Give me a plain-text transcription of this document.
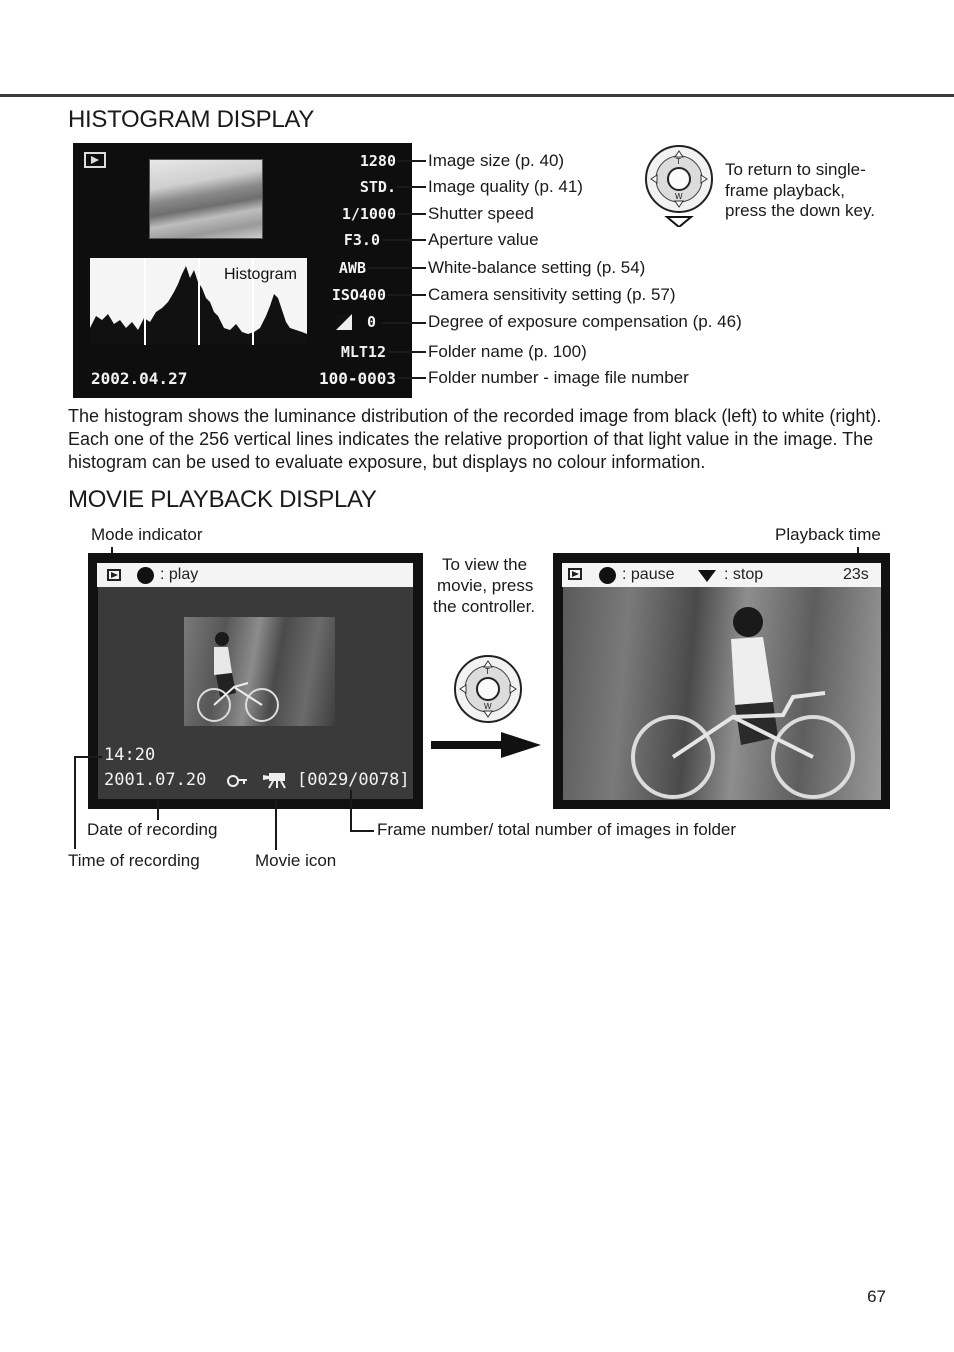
HISTOGRAM DISPLAY
Histogram
1280
STD.
1/1000
F3.0
AWB
ISO400
0
MLT12
2002.04.27	100-0003
Image size (p. 40)
Image quality (p. 41)
Shutter speed
Aperture value
White-balance setting (p. 54)
Camera sensitivity setting (p. 57)
Degree of exposure compensation (p. 46)
Folder name (p. 100)
Folder number - image file number
T
W
To return to single-
frame playback,
press the down key.
The histogram shows the luminance distribution of the recorded image from black (left) to white (right). Each one of the 256 vertical lines indicates the relative proportion of that light value in the image. The histogram can be used to evaluate exposure, but displays no colour information.
MOVIE PLAYBACK DISPLAY
Mode indicator	Playback time
: play
14:20
2001.07.20	[0029/0078]
To view the
movie, press
the controller.
T
W
: pause	: stop	23s
Date of recording	Frame number/ total number of images in folder
Time of recording	Movie icon
67
